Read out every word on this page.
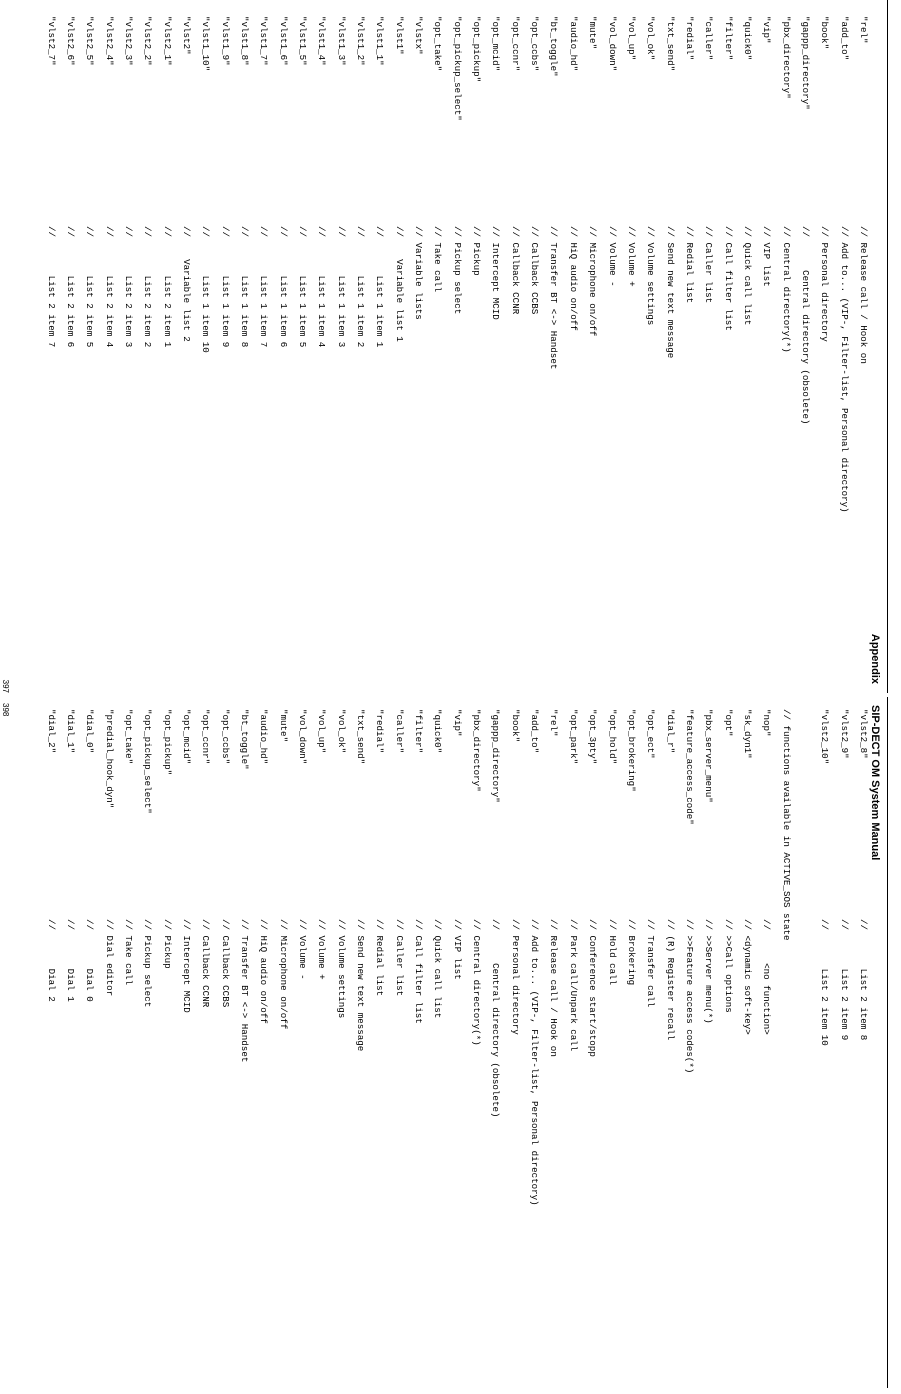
Appendix
"rel"
// Release call / Hook on
"add_to"
// Add to... (VIP-, Filter-list, Personal directory)
"book"
// Personal directory
"gappp_directory"
//      Central directory (obsolete)
"pbx_directory"
// Central directory(*)
"vip"
// VIP list
"quick0"
// Quick call list
"filter"
// Call filter list
"caller"
// Caller list
"redial"
// Redial list
"txt_send"
// Send new text message
"vol_ok"
// Volume settings
"vol_up"
// Volume +
"vol_down"
// Volume -
"mute"
// Microphone on/off
"audio_hd"
// HiQ audio on/off
"bt_toggle"
// Transfer BT <-> Handset
"opt_ccbs"
// Callback CCBS
"opt_ccnr"
// Callback CCNR
"opt_mcid"
// Intercept MCID
"opt_pickup"
// Pickup
"opt_pickup_select"
// Pickup select
"opt_take"
// Take call
"vlstx"
// Variable lists
"vlst1"
//    Variable list 1
"vlst1_1"
//       List 1 item 1
"vlst1_2"
//       List 1 item 2
"vlst1_3"
//       List 1 item 3
"vlst1_4"
//       List 1 item 4
"vlst1_5"
//       List 1 item 5
"vlst1_6"
//       List 1 item 6
"vlst1_7"
//       List 1 item 7
"vlst1_8"
//       List 1 item 8
"vlst1_9"
//       List 1 item 9
"vlst1_10"
//       List 1 item 10
"vlst2"
//    Variable list 2
"vlst2_1"
//       List 2 item 1
"vlst2_2"
//       List 2 item 2
"vlst2_3"
//       List 2 item 3
"vlst2_4"
//       List 2 item 4
"vlst2_5"
//       List 2 item 5
"vlst2_6"
//       List 2 item 6
"vlst2_7"
//       List 2 item 7
397
SIP-DECT OM System Manual
"vlst2_8"
//       List 2 item 8
"vlst2_9"
//       List 2 item 9
"vlst2_10"
//       List 2 item 10
// functions available in ACTIVE_SOS state
"nop"
//      <no function>
"sk_dyn1"
// <dynamic soft-key>
"opt"
// >>Call options
"pbx_server_menu"
// >>Server menu(*)
"feature_access_code"
// >>Feature access codes(*)
"dial_r"
// (R) Register recall
"opt_ect"
// Transfer call
"opt_brokering"
// Brokering
"opt_hold"
// Hold call
"opt_3pty"
// Conference start/stopp
"opt_park"
// Park call/Unpark call
"rel"
// Release call / Hook on
"add_to"
// Add to... (VIP-, Filter-list, Personal directory)
"book"
// Personal directory
"gappp_directory"
//      Central directory (obsolete)
"pbx_directory"
// Central directory(*)
"vip"
// VIP list
"quick0"
// Quick call list
"filter"
// Call filter list
"caller"
// Caller list
"redial"
// Redial list
"txt_send"
// Send new text message
"vol_ok"
// Volume settings
"vol_up"
// Volume +
"vol_down"
// Volume -
"mute"
// Microphone on/off
"audio_hd"
// HiQ audio on/off
"bt_toggle"
// Transfer BT <-> Handset
"opt_ccbs"
// Callback CCBS
"opt_ccnr"
// Callback CCNR
"opt_mcid"
// Intercept MCID
"opt_pickup"
// Pickup
"opt_pickup_select"
// Pickup select
"opt_take"
// Take call
"predial_hook_dyn"
// Dial editor
"dial_0"
//       Dial 0
"dial_1"
//       Dial 1
"dial_2"
//       Dial 2
398
